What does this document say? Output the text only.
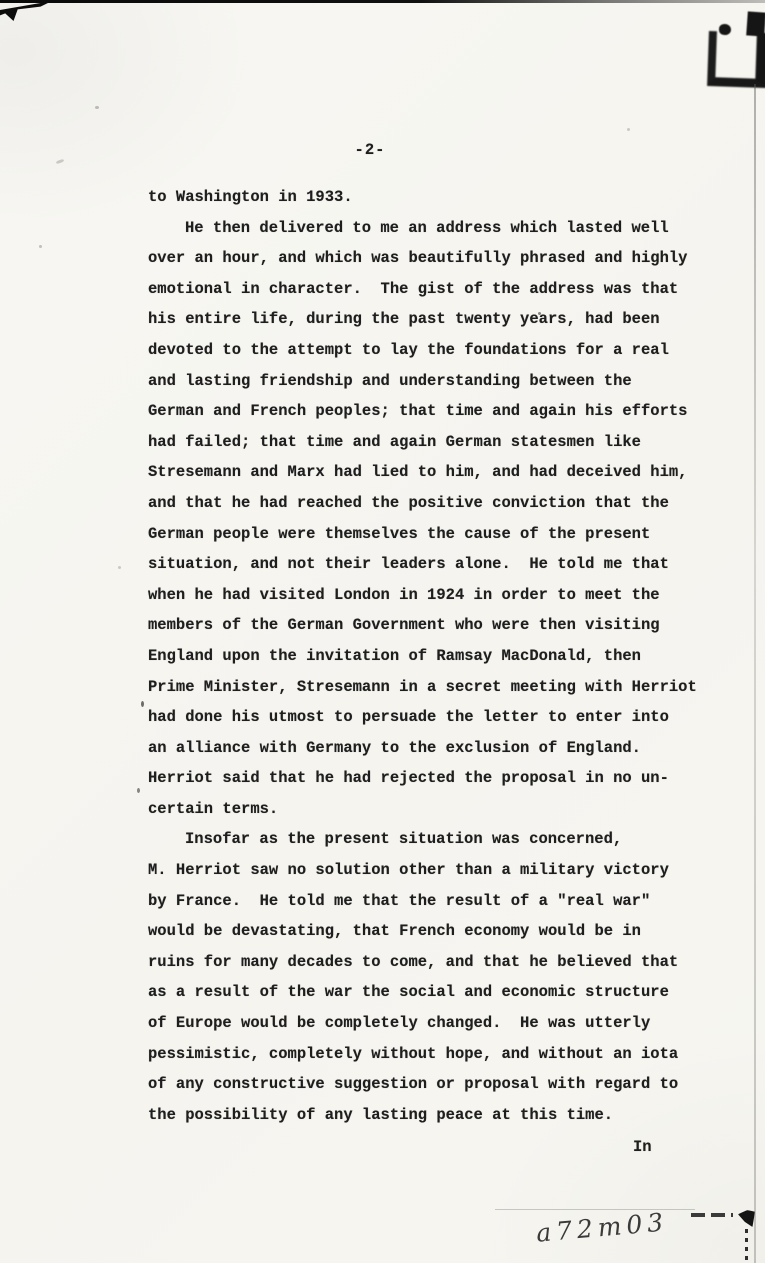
-2-
to Washington in 1933.
He then delivered to me an address which lasted well
over an hour, and which was beautifully phrased and highly
emotional in character.  The gist of the address was that
his entire life, during the past twenty years, had been
devoted to the attempt to lay the foundations for a real
and lasting friendship and understanding between the
German and French peoples; that time and again his efforts
had failed; that time and again German statesmen like
Stresemann and Marx had lied to him, and had deceived him,
and that he had reached the positive conviction that the
German people were themselves the cause of the present
situation, and not their leaders alone.  He told me that
when he had visited London in 1924 in order to meet the
members of the German Government who were then visiting
England upon the invitation of Ramsay MacDonald, then
Prime Minister, Stresemann in a secret meeting with Herriot
had done his utmost to persuade the letter to enter into
an alliance with Germany to the exclusion of England.
Herriot said that he had rejected the proposal in no un-
certain terms.
Insofar as the present situation was concerned,
M. Herriot saw no solution other than a military victory
by France.  He told me that the result of a "real war"
would be devastating, that French economy would be in
ruins for many decades to come, and that he believed that
as a result of the war the social and economic structure
of Europe would be completely changed.  He was utterly
pessimistic, completely without hope, and without an iota
of any constructive suggestion or proposal with regard to
the possibility of any lasting peace at this time.
In
a72m03
